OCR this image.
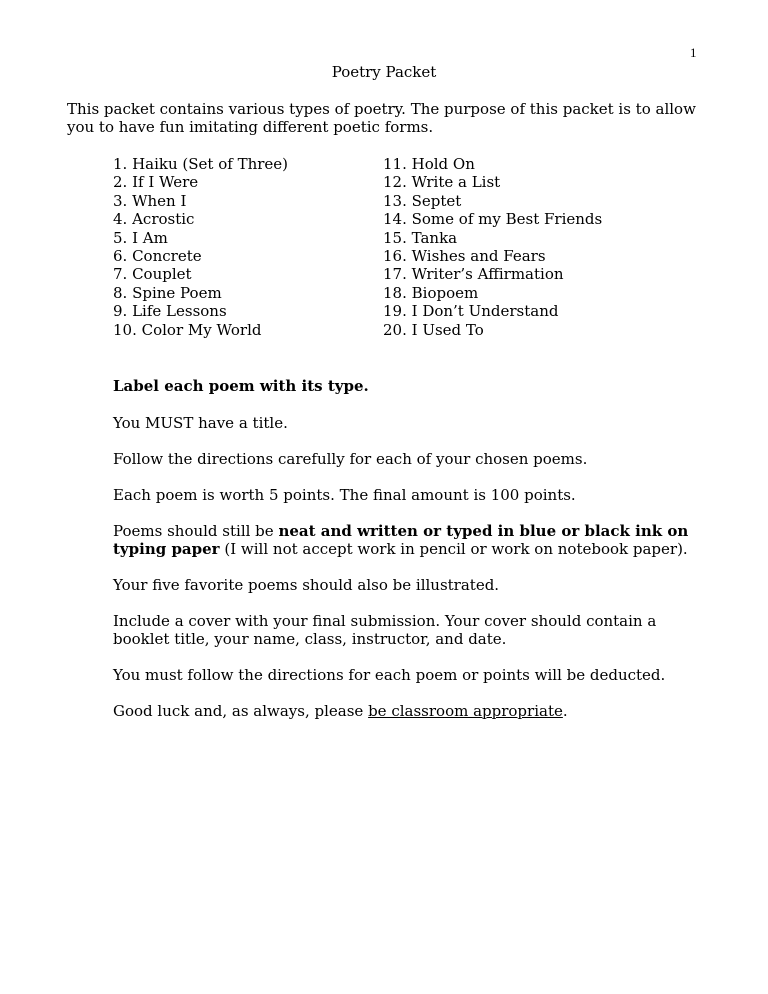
1
Poetry Packet
This packet contains various types of poetry. The purpose of this packet is to allow you to have fun imitating different poetic forms.
1. Haiku (Set of Three)
2. If I Were
3. When I
4. Acrostic
5. I Am
6. Concrete
7. Couplet
8. Spine Poem
9. Life Lessons
10. Color My World
11. Hold On
12. Write a List
13. Septet
14. Some of my Best Friends
15. Tanka
16. Wishes and Fears
17. Writer’s Affirmation
18. Biopoem
19. I Don’t Understand
20. I Used To

Label each poem with its type.

You MUST have a title.

Follow the directions carefully for each of your chosen poems.

Each poem is worth 5 points. The final amount is 100 points.

Poems should still be neat and written or typed in blue or black ink on typing paper (I will not accept work in pencil or work on notebook paper).

Your five favorite poems should also be illustrated.

Include a cover with your final submission. Your cover should contain a booklet title, your name, class, instructor, and date.

You must follow the directions for each poem or points will be deducted.

Good luck and, as always, please be classroom appropriate.
